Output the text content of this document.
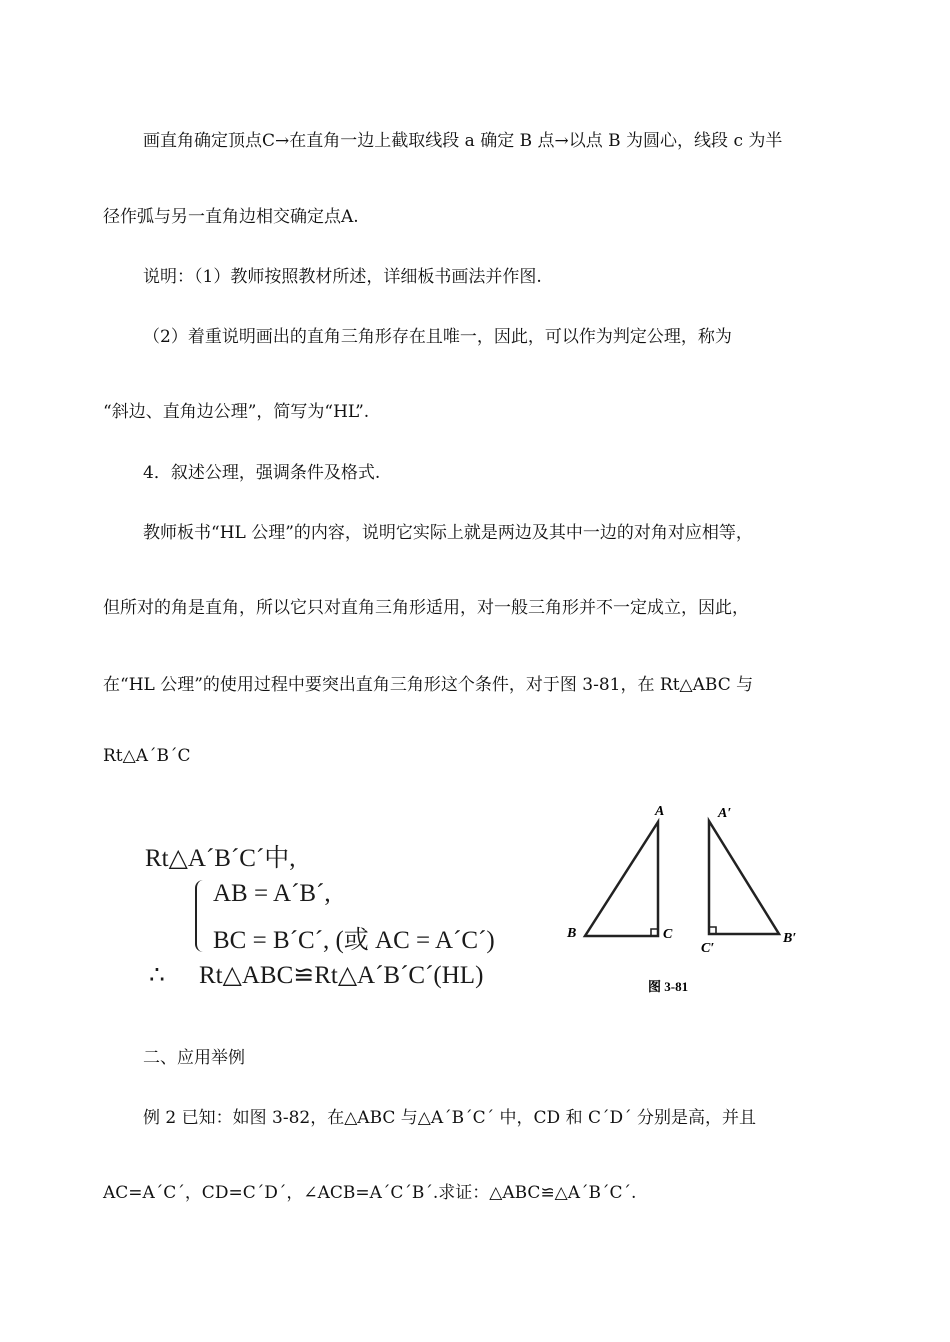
画直角确定顶点C→在直角一边上截取线段 a 确定 B 点→以点 B 为圆心，线段 c 为半
径作弧与另一直角边相交确定点A.
说明：（1）教师按照教材所述，详细板书画法并作图.
（2）着重说明画出的直角三角形存在且唯一，因此，可以作为判定公理，称为
“斜边、直角边公理”，简写为“HL”.
4．叙述公理，强调条件及格式.
教师板书“HL 公理”的内容，说明它实际上就是两边及其中一边的对角对应相等，
但所对的角是直角，所以它只对直角三角形适用，对一般三角形并不一定成立，因此，
在“HL 公理”的使用过程中要突出直角三角形这个条件，对于图 3-81，在 Rt△ABC 与
Rt△A´B´C
Rt△A´B´C´中,
AB = A´B´,
BC = B´C´, (或 AC = A´C´)
∴ Rt△ABC≌Rt△A´B´C´(HL)
A
B	C
A′
B′
C′
图 3-81
二、应用举例
例 2 已知：如图 3-82，在△ABC 与△A´B´C´ 中，CD 和 C´D´ 分别是高，并且
AC=A´C´，CD=C´D´，∠ACB=A´C´B´.求证：△ABC≌△A´B´C´.
